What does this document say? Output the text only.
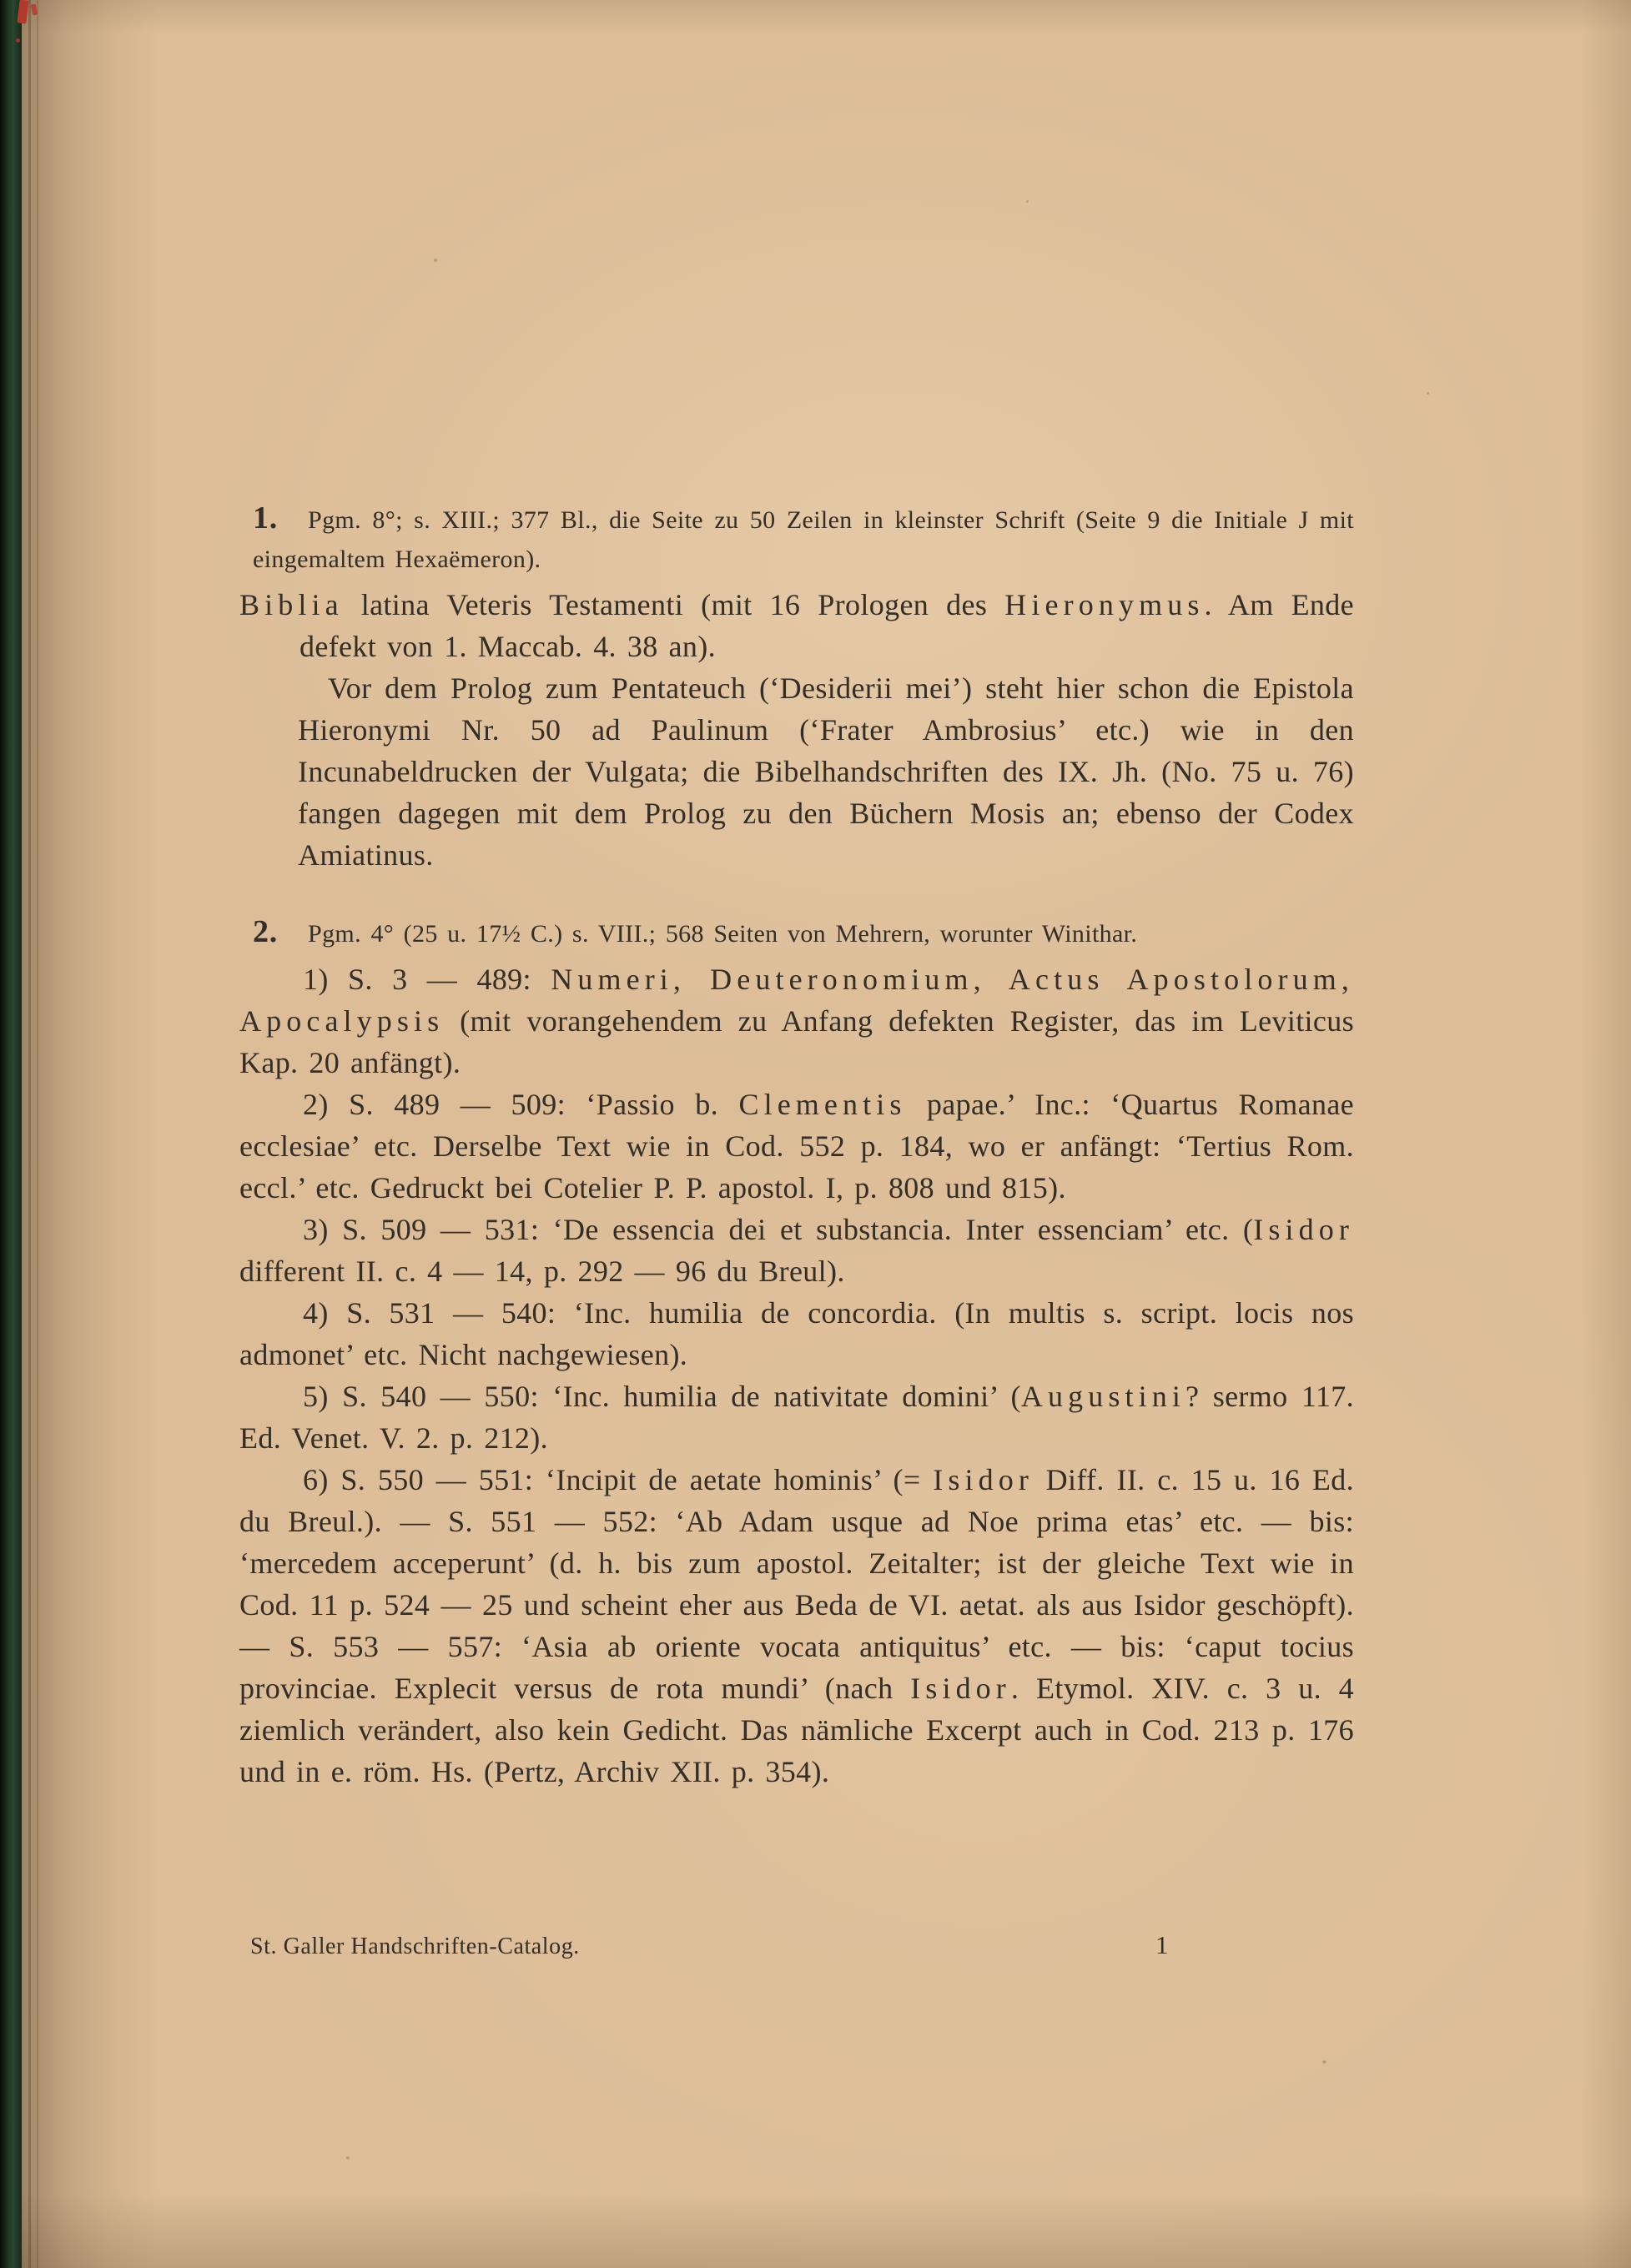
1. Pgm. 8°; s. XIII.; 377 Bl., die Seite zu 50 Zeilen in kleinster Schrift (Seite 9 die Initiale J mit eingemaltem Hexaëmeron).

Biblia latina Veteris Testamenti (mit 16 Prologen des Hieronymus. Am Ende defekt von 1. Maccab. 4. 38 an).

Vor dem Prolog zum Pentateuch (‘Desiderii mei’) steht hier schon die Epistola Hieronymi Nr. 50 ad Paulinum (‘Frater Ambrosius’ etc.) wie in den Incunabeldrucken der Vulgata; die Bibelhandschriften des IX. Jh. (No. 75 u. 76) fangen dagegen mit dem Prolog zu den Büchern Mosis an; ebenso der Codex Amiatinus.

2. Pgm. 4° (25 u. 17½ C.) s. VIII.; 568 Seiten von Mehrern, worunter Winithar.

1) S. 3 — 489: Numeri, Deuteronomium, Actus Apostolorum, Apocalypsis (mit vorangehendem zu Anfang defekten Register, das im Leviticus Kap. 20 anfängt).

2) S. 489 — 509: ‘Passio b. Clementis papae.’ Inc.: ‘Quartus Romanae ecclesiae’ etc. Derselbe Text wie in Cod. 552 p. 184, wo er anfängt: ‘Tertius Rom. eccl.’ etc. Gedruckt bei Cotelier P. P. apostol. I, p. 808 und 815).

3) S. 509 — 531: ‘De essencia dei et substancia. Inter essenciam’ etc. (Isidor different II. c. 4 — 14, p. 292 — 96 du Breul).

4) S. 531 — 540: ‘Inc. humilia de concordia. (In multis s. script. locis nos admonet’ etc. Nicht nachgewiesen).

5) S. 540 — 550: ‘Inc. humilia de nativitate domini’ (Augustini? sermo 117. Ed. Venet. V. 2. p. 212).

6) S. 550 — 551: ‘Incipit de aetate hominis’ (= Isidor Diff. II. c. 15 u. 16 Ed. du Breul.). — S. 551 — 552: ‘Ab Adam usque ad Noe prima etas’ etc. — bis: ‘mercedem acceperunt’ (d. h. bis zum apostol. Zeitalter; ist der gleiche Text wie in Cod. 11 p. 524 — 25 und scheint eher aus Beda de VI. aetat. als aus Isidor geschöpft). — S. 553 — 557: ‘Asia ab oriente vocata antiquitus’ etc. — bis: ‘caput tocius provinciae. Explecit versus de rota mundi’ (nach Isidor. Etymol. XIV. c. 3 u. 4 ziemlich verändert, also kein Gedicht. Das nämliche Excerpt auch in Cod. 213 p. 176 und in e. röm. Hs. (Pertz, Archiv XII. p. 354).

St. Galler Handschriften-Catalog.	1
